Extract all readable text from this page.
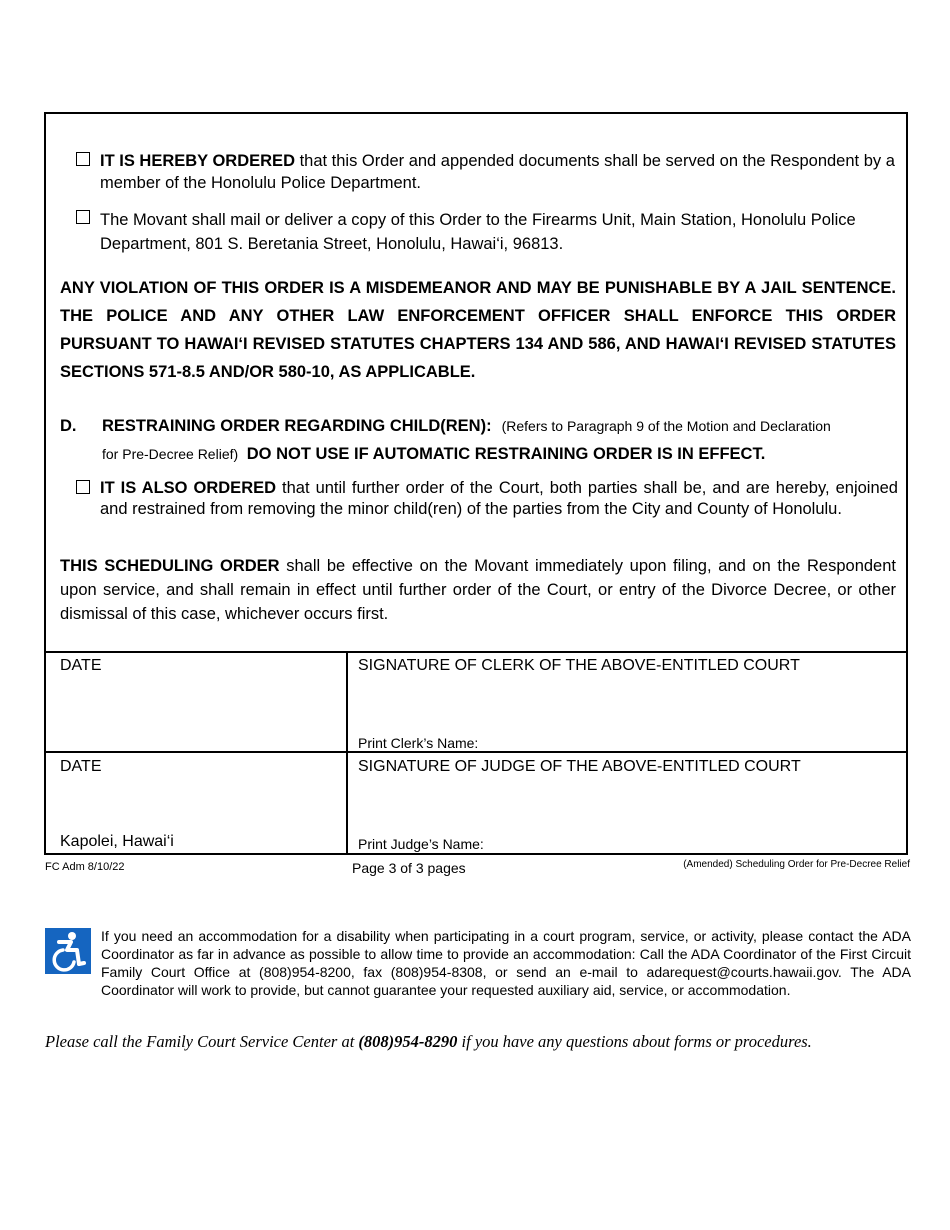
IT IS HEREBY ORDERED that this Order and appended documents shall be served on the Respondent by a member of the Honolulu Police Department.
The Movant shall mail or deliver a copy of this Order to the Firearms Unit, Main Station, Honolulu Police Department, 801 S. Beretania Street, Honolulu, Hawai‘i, 96813.
ANY VIOLATION OF THIS ORDER IS A MISDEMEANOR AND MAY BE PUNISHABLE BY A JAIL SENTENCE. THE POLICE AND ANY OTHER LAW ENFORCEMENT OFFICER SHALL ENFORCE THIS ORDER PURSUANT TO HAWAI‘I REVISED STATUTES CHAPTERS 134 AND 586, AND HAWAI‘I REVISED STATUTES SECTIONS 571-8.5 AND/OR 580-10, AS APPLICABLE.
D.	RESTRAINING ORDER REGARDING CHILD(REN): (Refers to Paragraph 9 of the Motion and Declaration
for Pre-Decree Relief) DO NOT USE IF AUTOMATIC RESTRAINING ORDER IS IN EFFECT.
IT IS ALSO ORDERED that until further order of the Court, both parties shall be, and are hereby, enjoined and restrained from removing the minor child(ren) of the parties from the City and County of Honolulu.
THIS SCHEDULING ORDER shall be effective on the Movant immediately upon filing, and on the Respondent upon service, and shall remain in effect until further order of the Court, or entry of the Divorce Decree, or other dismissal of this case, whichever occurs first.
DATE	SIGNATURE OF CLERK OF THE ABOVE-ENTITLED COURT
Print Clerk’s Name:
DATE	SIGNATURE OF JUDGE OF THE ABOVE-ENTITLED COURT
Kapolei, Hawai‘i	Print Judge’s Name:
FC Adm 8/10/22	Page 3 of 3 pages	(Amended) Scheduling Order for Pre-Decree Relief
If you need an accommodation for a disability when participating in a court program, service, or activity, please contact the ADA Coordinator as far in advance as possible to allow time to provide an accommodation: Call the ADA Coordinator of the First Circuit Family Court Office at (808)954-8200, fax (808)954-8308, or send an e-mail to adarequest@courts.hawaii.gov. The ADA Coordinator will work to provide, but cannot guarantee your requested auxiliary aid, service, or accommodation.
Please call the Family Court Service Center at (808)954-8290 if you have any questions about forms or procedures.
